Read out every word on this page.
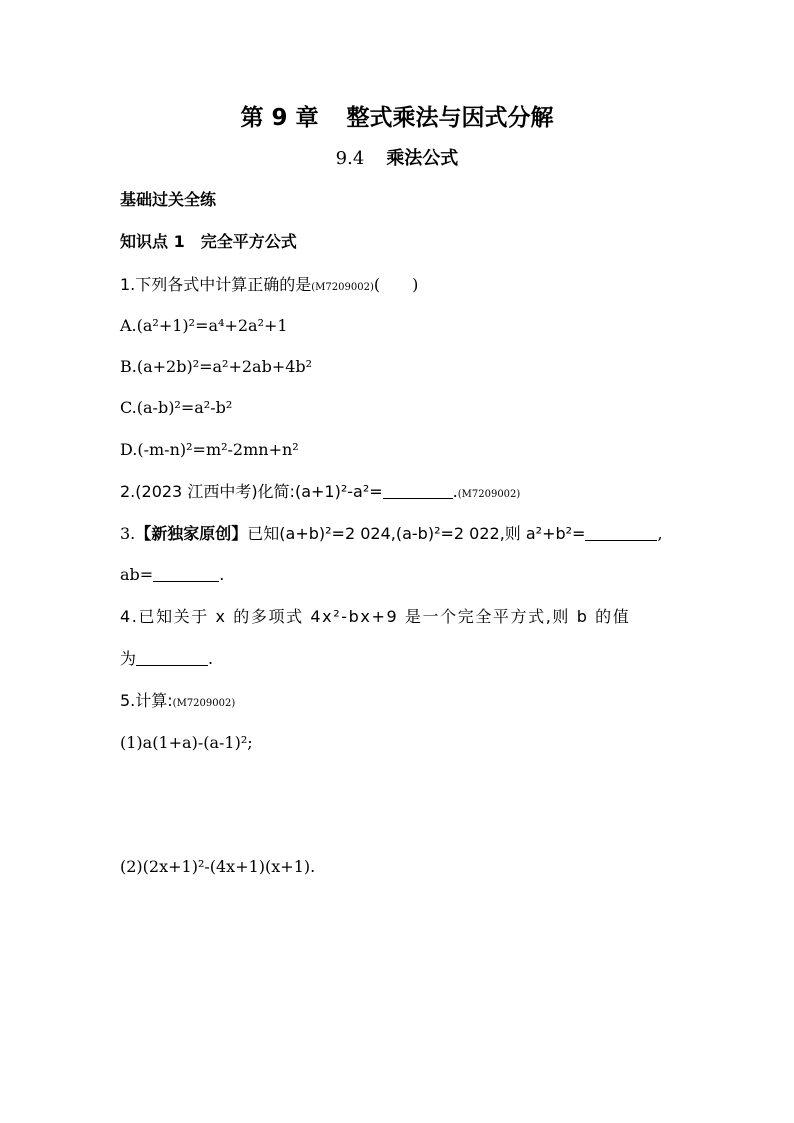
第 9 章 整式乘法与因式分解
9.4 乘法公式
基础过关全练
知识点 1　完全平方公式
1.下列各式中计算正确的是(M7209002)(　　)
A.(a²+1)²=a⁴+2a²+1
B.(a+2b)²=a²+2ab+4b²
C.(a-b)²=a²-b²
D.(-m-n)²=m²-2mn+n²
2.(2023 江西中考)化简:(a+1)²-a²=	.(M7209002)
3.【新独家原创】已知(a+b)²=2 024,(a-b)²=2 022,则 a²+b²=	,
ab=	.
4.已知关于 x 的多项式 4x²-bx+9 是一个完全平方式,则 b 的值
为	.
5.计算:(M7209002)
(1)a(1+a)-(a-1)²;
(2)(2x+1)²-(4x+1)(x+1).
